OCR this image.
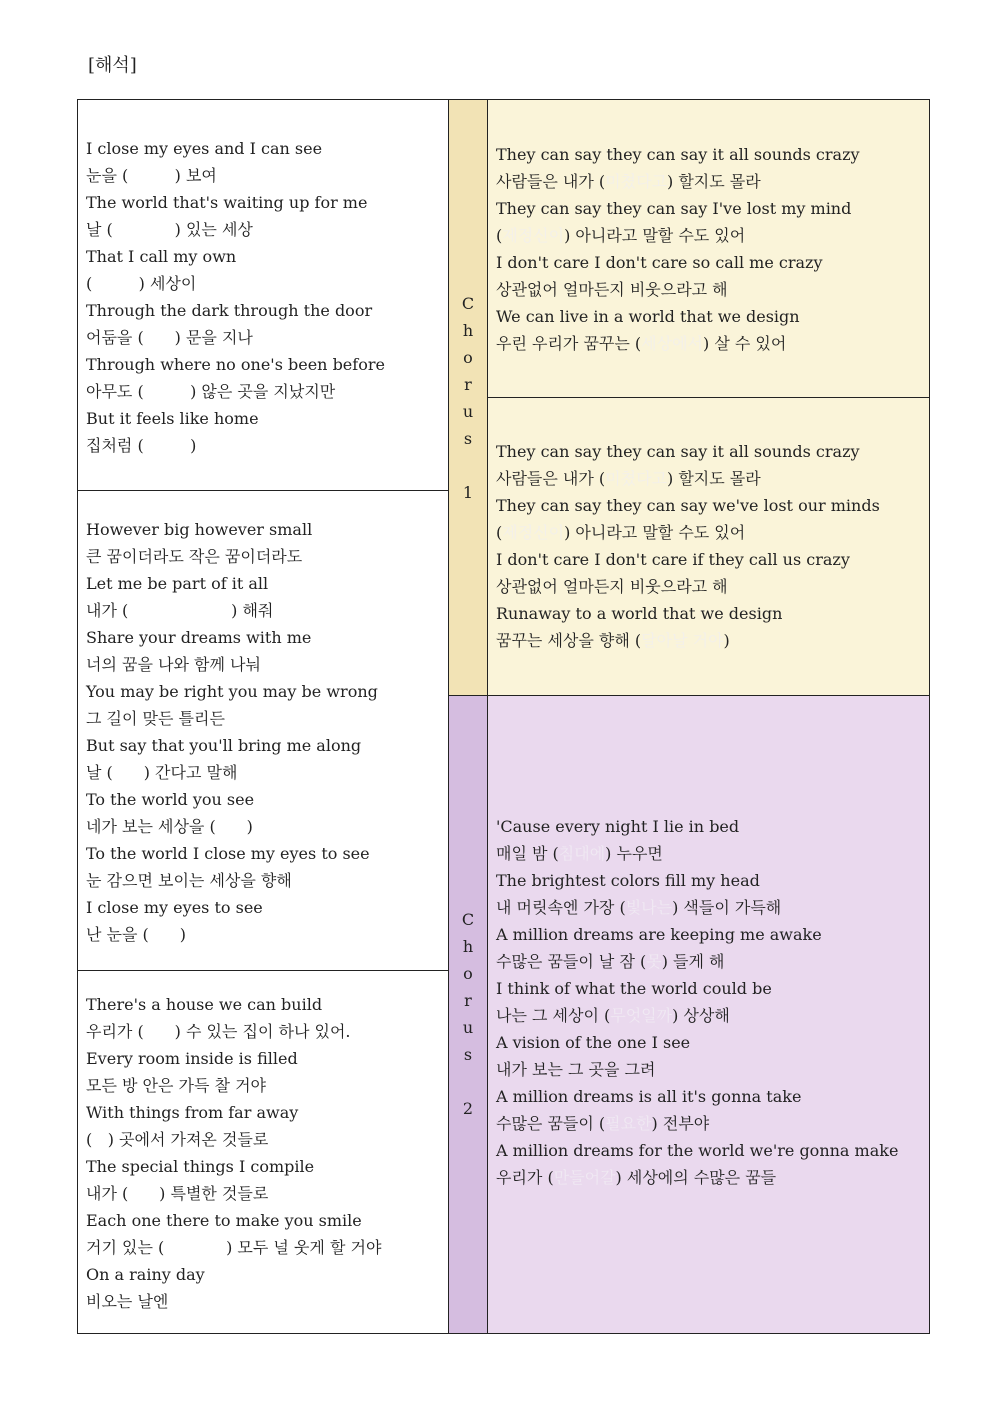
[해석]
I close my eyes and I can see
눈을 (	) 보여
The world that's waiting up for me
날 (	) 있는 세상
That I call my own
(	) 세상이
Through the dark through the door
어둠을 ( ) 문을 지나
Through where no one's been before
아무도 (	) 않은 곳을 지났지만
But it feels like home
집처럼 (	)
However big however small
큰 꿈이더라도 작은 꿈이더라도
Let me be part of it all
내가 (	) 해줘
Share your dreams with me
너의 꿈을 나와 함께 나눠
You may be right you may be wrong
그 길이 맞든 틀리든
But say that you'll bring me along
날 ( ) 간다고 말해
To the world you see
네가 보는 세상을 ( )
To the world I close my eyes to see
눈 감으면 보이는 세상을 향해
I close my eyes to see
난 눈을 ( )
There's a house we can build
우리가 ( ) 수 있는 집이 하나 있어.
Every room inside is filled
모든 방 안은 가득 찰 거야
With things from far away
( ) 곳에서 가져온 것들로
The special things I compile
내가 ( ) 특별한 것들로
Each one there to make you smile
거기 있는 (	) 모두 널 웃게 할 거야
On a rainy day
비오는 날엔
C
h
o
r
u
s

1
C
h
o
r
u
s

2
They can say they can say it all sounds crazy
사람들은 내가 (미쳤다고) 할지도 몰라
They can say they can say I've lost my mind
(제정신이) 아니라고 말할 수도 있어
I don't care I don't care so call me crazy
상관없어 얼마든지 비웃으라고 해
We can live in a world that we design
우린 우리가 꿈꾸는 (세상에서) 살 수 있어
They can say they can say it all sounds crazy
사람들은 내가 (미쳤다고) 할지도 몰라
They can say they can say we've lost our minds
(제정신이) 아니라고 말할 수도 있어
I don't care I don't care if they call us crazy
상관없어 얼마든지 비웃으라고 해
Runaway to a world that we design
꿈꾸는 세상을 향해 (달아날 거야)
'Cause every night I lie in bed
매일 밤 (침대에) 누우면
The brightest colors fill my head
내 머릿속엔 가장 (빛나는) 색들이 가득해
A million dreams are keeping me awake
수많은 꿈들이 날 잠 (못) 들게 해
I think of what the world could be
나는 그 세상이 (무엇일까) 상상해
A vision of the one I see
내가 보는 그 곳을 그려
A million dreams is all it's gonna take
수많은 꿈들이 (필요한) 전부야
A million dreams for the world we're gonna make
우리가 (만들어갈) 세상에의 수많은 꿈들
